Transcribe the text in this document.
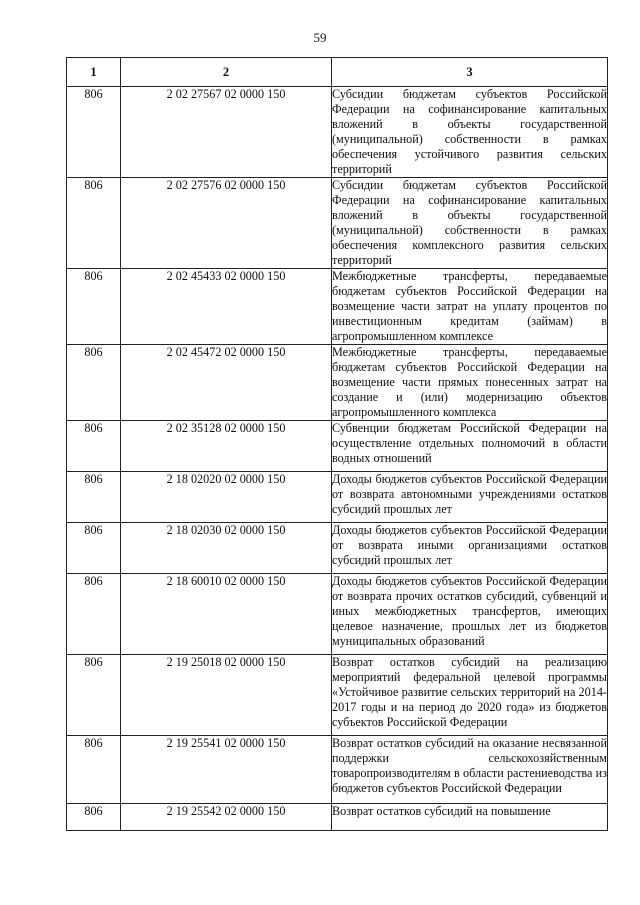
59
1	2	3
806	2 02 27567 02 0000 150	Субсидии бюджетам субъектов Российской Федерации на софинансирование капитальных вложений в объекты государственной (муниципальной) собственности в рамках обеспечения устойчивого развития сельских территорий
806	2 02 27576 02 0000 150	Субсидии бюджетам субъектов Российской Федерации на софинансирование капитальных вложений в объекты государственной (муниципальной) собственности в рамках обеспечения комплексного развития сельских территорий
806	2 02 45433 02 0000 150	Межбюджетные трансферты, передаваемые бюджетам субъектов Российской Федерации на возмещение части затрат на уплату процентов по инвестиционным кредитам (займам) в агропромышленном комплексе
806	2 02 45472 02 0000 150	Межбюджетные трансферты, передаваемые бюджетам субъектов Российской Федерации на возмещение части прямых понесенных затрат на создание и (или) модернизацию объектов агропромышленного комплекса
806	2 02 35128 02 0000 150	Субвенции бюджетам Российской Федерации на осуществление отдельных полномочий в области водных отношений
806	2 18 02020 02 0000 150	Доходы бюджетов субъектов Российской Федерации от возврата автономными учреждениями остатков субсидий прошлых лет
806	2 18 02030 02 0000 150	Доходы бюджетов субъектов Российской Федерации от возврата иными организациями остатков субсидий прошлых лет
806	2 18 60010 02 0000 150	Доходы бюджетов субъектов Российской Федерации от возврата прочих остатков субсидий, субвенций и иных межбюджетных трансфертов, имеющих целевое назначение, прошлых лет из бюджетов муниципальных образований
806	2 19 25018 02 0000 150	Возврат остатков субсидий на реализацию мероприятий федеральной целевой программы «Устойчивое развитие сельских территорий на 2014-2017 годы и на период до 2020 года» из бюджетов субъектов Российской Федерации
806	2 19 25541 02 0000 150	Возврат остатков субсидий на оказание несвязанной поддержки сельскохозяйственным товаропроизводителям в области растениеводства из бюджетов субъектов Российской Федерации
806	2 19 25542 02 0000 150	Возврат остатков субсидий на повышение
